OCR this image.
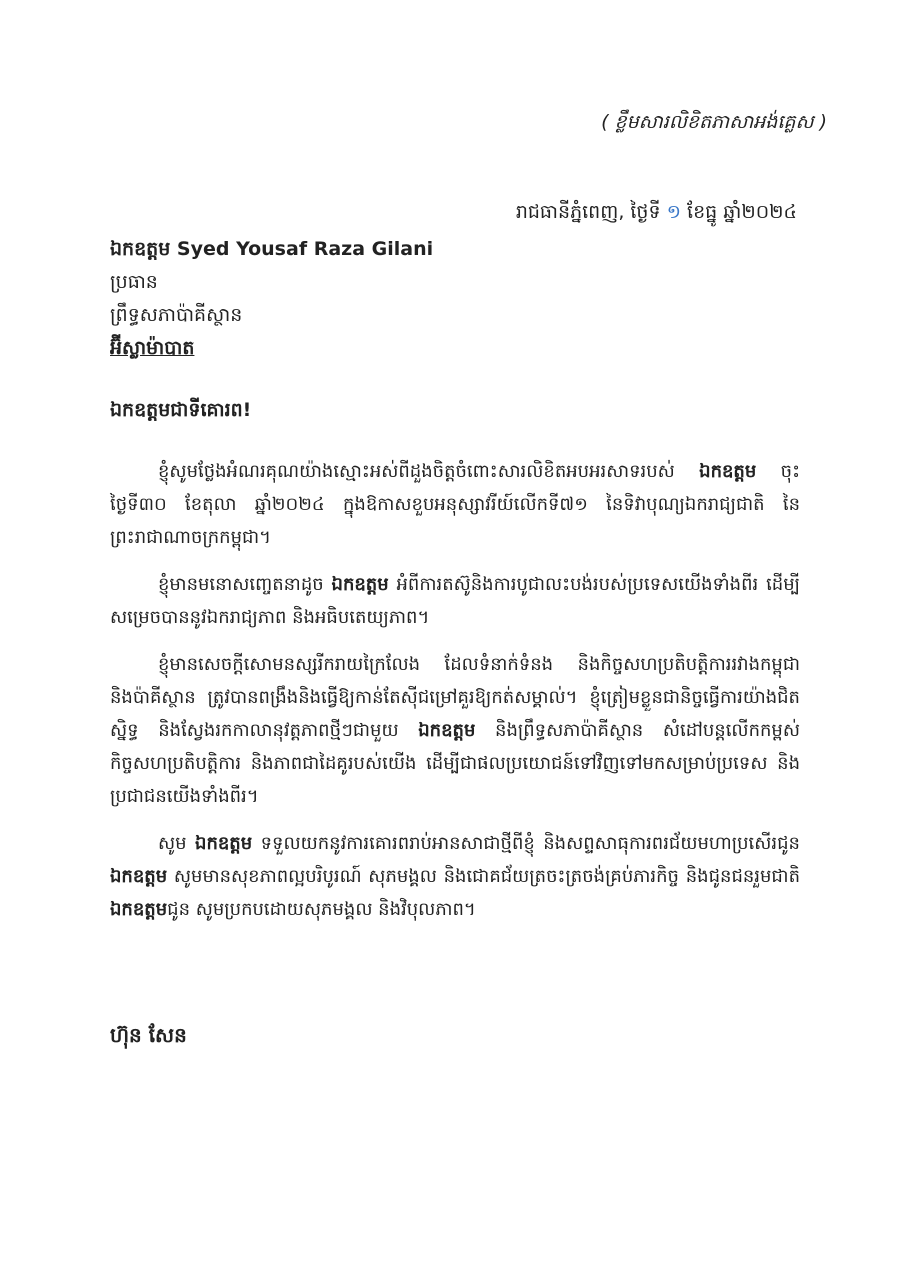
( ខ្លឹមសារលិខិតភាសាអង់គ្លេស )
រាជធានីភ្នំពេញ, ថ្ងៃទី ១ ខែធ្នូ ឆ្នាំ២០២៤
ឯកឧត្តម Syed Yousaf Raza Gilani
ប្រធាន
ព្រឹទ្ធសភាប៉ាគីស្ថាន
អ៊ីស្លាម៉ាបាត
ឯកឧត្តមជាទីគោរព!

ខ្ញុំសូមថ្លែងអំណរគុណយ៉ាងស្មោះអស់ពីដួងចិត្តចំពោះសារលិខិតអបអរសាទរបស់ ឯកឧត្តម ចុះថ្ងៃទី៣០ ខែតុលា ឆ្នាំ២០២៤ ក្នុងឱកាសខួបអនុស្សាវរីយ៍លើកទី៧១ នៃទិវាបុណ្យឯករាជ្យជាតិ នៃព្រះរាជាណាចក្រកម្ពុជា។

ខ្ញុំមានមនោសញ្ចេតនាដូច ឯកឧត្តម អំពីការតស៊ូនិងការបូជាលះបង់របស់ប្រទេសយើងទាំងពីរ ដើម្បីសម្រេចបាននូវឯករាជ្យភាព និងអធិបតេយ្យភាព។

ខ្ញុំមានសេចក្តីសោមនស្សរីករាយក្រៃលែង ដែលទំនាក់ទំនង និងកិច្ចសហប្រតិបត្តិការរវាងកម្ពុជា និងប៉ាគីស្ថាន ត្រូវបានពង្រឹងនិងធ្វើឱ្យកាន់តែស៊ីជម្រៅគួរឱ្យកត់សម្គាល់។ ខ្ញុំត្រៀមខ្លួនជានិច្ចធ្វើការយ៉ាងជិតស្និទ្ធ និងស្វែងរកកាលានុវត្តភាពថ្មីៗជាមួយ ឯកឧត្តម និងព្រឹទ្ធសភាប៉ាគីស្ថាន សំដៅបន្តលើកកម្ពស់កិច្ចសហប្រតិបត្តិការ និងភាពជាដៃគូរបស់យើង ដើម្បីជាផលប្រយោជន៍ទៅវិញទៅមកសម្រាប់ប្រទេស និងប្រជាជនយើងទាំងពីរ។

សូម ឯកឧត្តម ទទួលយកនូវការគោរពរាប់អានសាជាថ្មីពីខ្ញុំ និងសព្ទសាធុការពរជ័យមហាប្រសើរជូន ឯកឧត្តម សូមមានសុខភាពល្អបរិបូរណ៍ សុភមង្គល និងជោគជ័យត្រចះត្រចង់គ្រប់ភារកិច្ច និងជូនជនរួមជាតិ ឯកឧត្តមជូន សូមប្រកបដោយសុភមង្គល និងវិបុលភាព។

ហ៊ុន សែន
